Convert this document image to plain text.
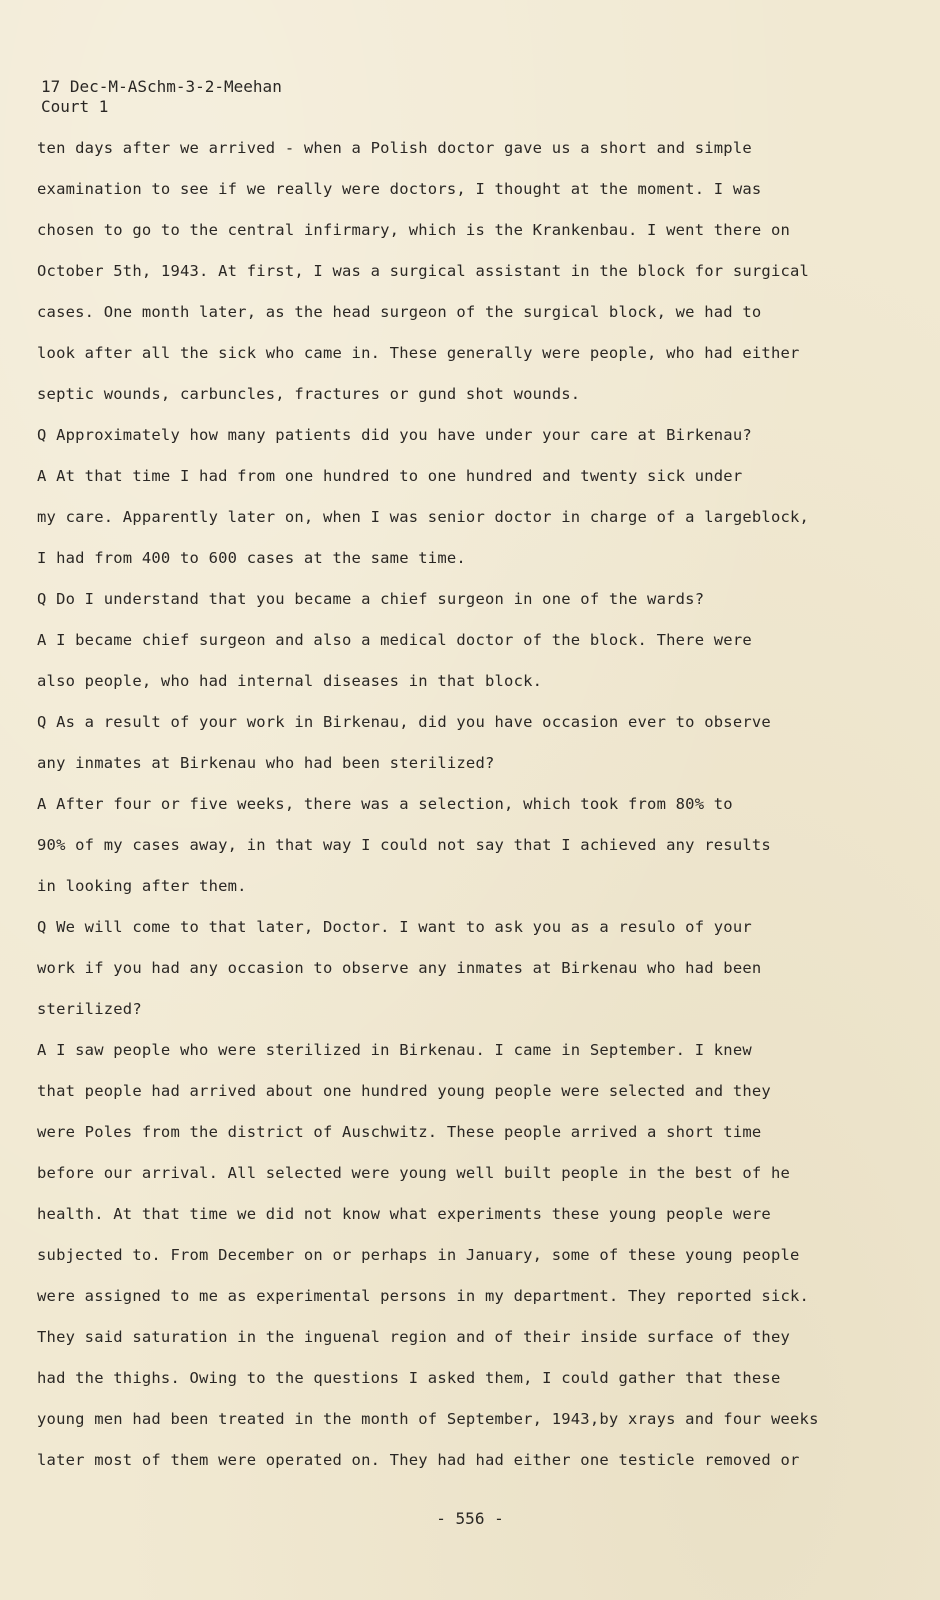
17 Dec-M-ASchm-3-2-Meehan
Court 1
ten days after we arrived - when a Polish doctor gave us a short and simple
examination to see if we really were doctors, I thought at the moment. I was
chosen to go to the central infirmary, which is the Krankenbau. I went there on
October 5th, 1943. At first, I was a surgical assistant in the block for surgical
cases. One month later, as the head surgeon of the surgical block, we had to
look after all the sick who came in. These generally were people, who had either
septic wounds, carbuncles, fractures or gund shot wounds.
Q Approximately how many patients did you have under your care at Birkenau?
A At that time I had from one hundred to one hundred and twenty sick under
my care. Apparently later on, when I was senior doctor in charge of a largeblock,
I had from 400 to 600 cases at the same time.
Q Do I understand that you became a chief surgeon in one of the wards?
A I became chief surgeon and also a medical doctor of the block. There were
also people, who had internal diseases in that block.
Q As a result of your work in Birkenau, did you have occasion ever to observe
any inmates at Birkenau who had been sterilized?
A After four or five weeks, there was a selection, which took from 80% to
90% of my cases away, in that way I could not say that I achieved any results
in looking after them.
Q We will come to that later, Doctor. I want to ask you as a resulo of your
work if you had any occasion to observe any inmates at Birkenau who had been
sterilized?
A I saw people who were sterilized in Birkenau. I came in September. I knew
that people had arrived about one hundred young people were selected and they
were Poles from the district of Auschwitz. These people arrived a short time
before our arrival. All selected were young well built people in the best of he
health. At that time we did not know what experiments these young people were
subjected to. From December on or perhaps in January, some of these young people
were assigned to me as experimental persons in my department. They reported sick.
They said saturation in the inguenal region and of their inside surface of they
had the thighs. Owing to the questions I asked them, I could gather that these
young men had been treated in the month of September, 1943,by xrays and four weeks
later most of them were operated on. They had had either one testicle removed or
- 556 -
